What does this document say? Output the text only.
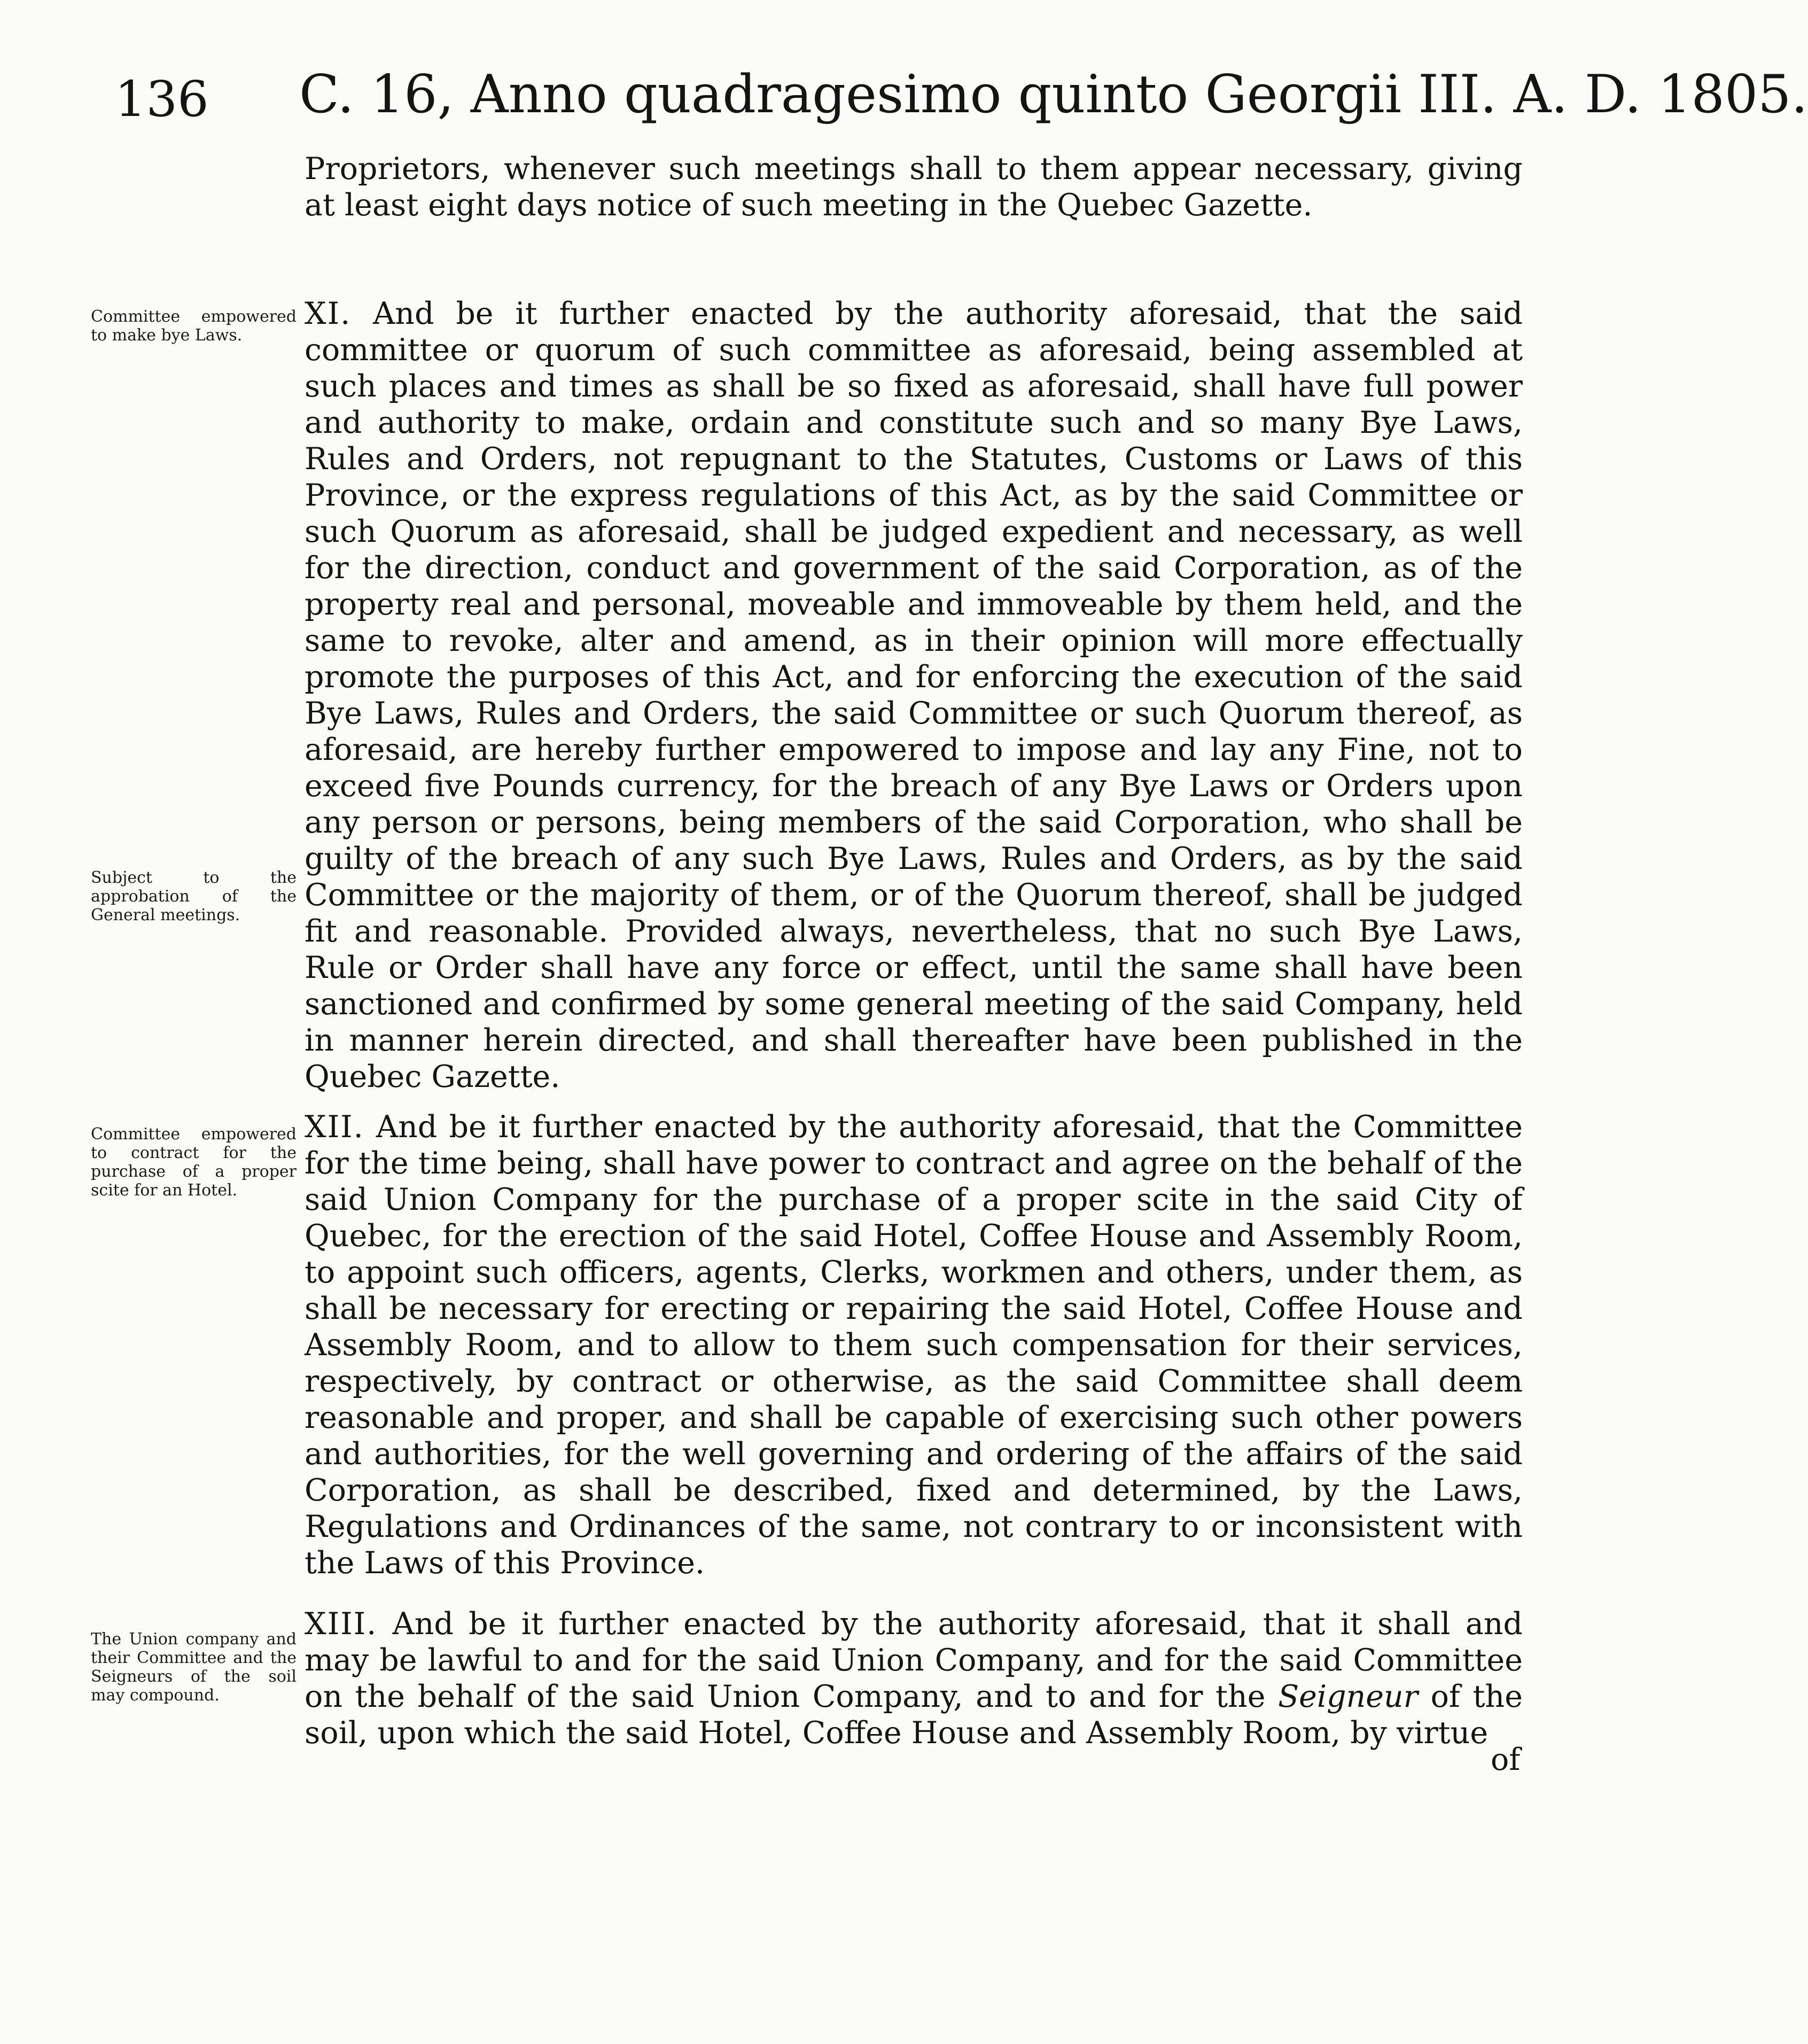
136 C. 16, Anno quadragesimo quinto Georgii III. A. D. 1805.
Proprietors, whenever such meetings shall to them appear necessary, giving at least eight days notice of such meeting in the Quebec Gazette.
Committee empowered to make bye Laws.
Subject to the approbation of the General meetings.
Committee empowered to contract for the purchase of a proper scite for an Hotel.
The Union company and their Committee and the Seigneurs of the soil may compound.
XI. And be it further enacted by the authority aforesaid, that the said committee or quorum of such committee as aforesaid, being assembled at such places and times as shall be so fixed as aforesaid, shall have full power and authority to make, ordain and constitute such and so many Bye Laws, Rules and Orders, not repugnant to the Statutes, Customs or Laws of this Province, or the express regulations of this Act, as by the said Committee or such Quorum as aforesaid, shall be judged expedient and necessary, as well for the direction, conduct and government of the said Corporation, as of the property real and personal, moveable and immoveable by them held, and the same to revoke, alter and amend, as in their opinion will more effectually promote the purposes of this Act, and for enforcing the execution of the said Bye Laws, Rules and Orders, the said Committee or such Quorum thereof, as aforesaid, are hereby further empowered to impose and lay any Fine, not to exceed five Pounds currency, for the breach of any Bye Laws or Orders upon any person or persons, being members of the said Corporation, who shall be guilty of the breach of any such Bye Laws, Rules and Orders, as by the said Committee or the majority of them, or of the Quorum thereof, shall be judged fit and reasonable. Provided always, nevertheless, that no such Bye Laws, Rule or Order shall have any force or effect, until the same shall have been sanctioned and confirmed by some general meeting of the said Company, held in manner herein directed, and shall thereafter have been published in the Quebec Gazette.
XII. And be it further enacted by the authority aforesaid, that the Committee for the time being, shall have power to contract and agree on the behalf of the said Union Company for the purchase of a proper scite in the said City of Quebec, for the erection of the said Hotel, Coffee House and Assembly Room, to appoint such officers, agents, Clerks, workmen and others, under them, as shall be necessary for erecting or repairing the said Hotel, Coffee House and Assembly Room, and to allow to them such compensation for their services, respectively, by contract or otherwise, as the said Committee shall deem reasonable and proper, and shall be capable of exercising such other powers and authorities, for the well governing and ordering of the affairs of the said Corporation, as shall be described, fixed and determined, by the Laws, Regulations and Ordinances of the same, not contrary to or inconsistent with the Laws of this Province.
XIII. And be it further enacted by the authority aforesaid, that it shall and may be lawful to and for the said Union Company, and for the said Committee on the behalf of the said Union Company, and to and for the Seigneur of the soil, upon which the said Hotel, Coffee House and Assembly Room, by virtue
of
